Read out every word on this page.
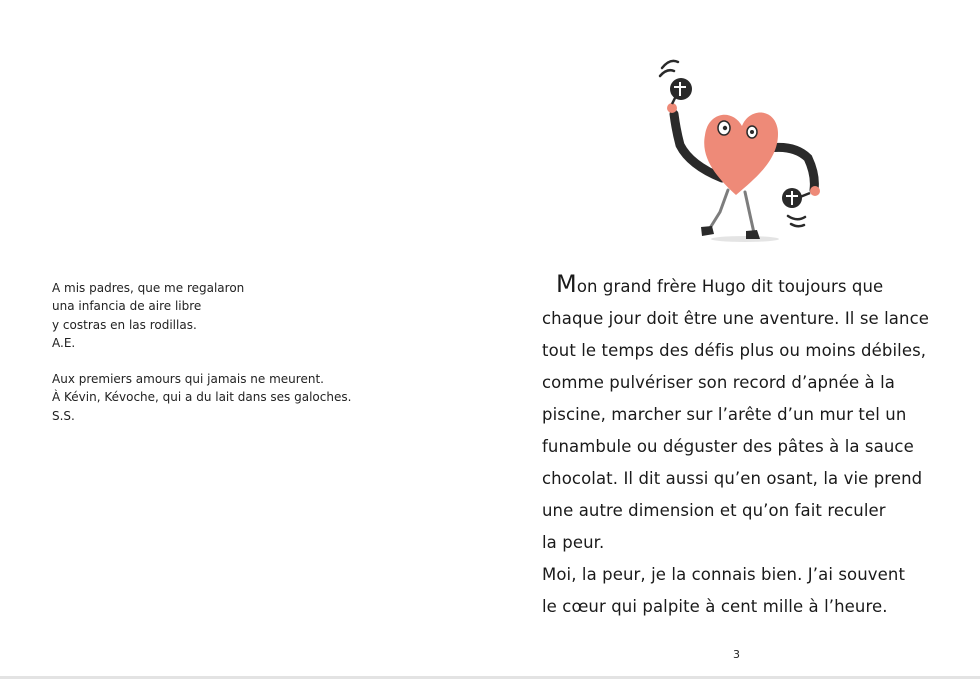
A mis padres, que me regalaron
una infancia de aire libre
y costras en las rodillas.
A.E.

Aux premiers amours qui jamais ne meurent.
À Kévin, Kévoche, qui a du lait dans ses galoches.
S.S.

Mon grand frère Hugo dit toujours que
chaque jour doit être une aventure. Il se lance
tout le temps des défis plus ou moins débiles,
comme pulvériser son record d’apnée à la
piscine, marcher sur l’arête d’un mur tel un
funambule ou déguster des pâtes à la sauce
chocolat. Il dit aussi qu’en osant, la vie prend
une autre dimension et qu’on fait reculer
la peur.
Moi, la peur, je la connais bien. J’ai souvent
le cœur qui palpite à cent mille à l’heure.
3
